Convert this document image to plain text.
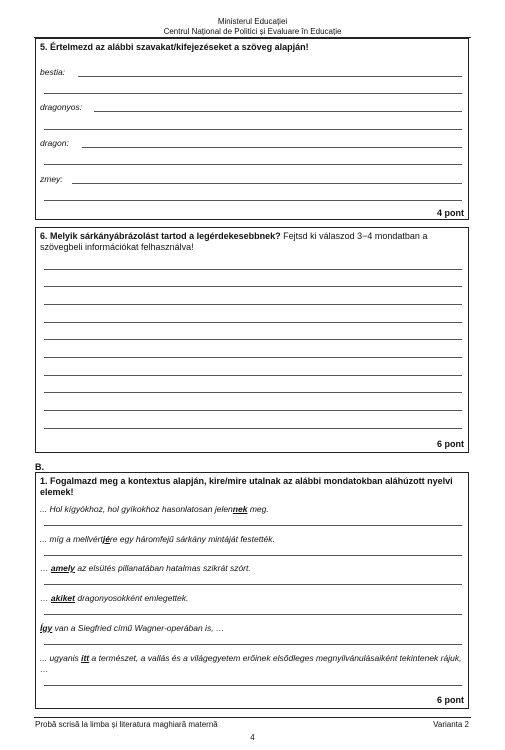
Ministerul Educației
Centrul Național de Politici și Evaluare în Educație
5. Értelmezd az alábbi szavakat/kifejezéseket a szöveg alapján!
bestia:
dragonyos:
dragon:
zmey:
4 pont
6. Melyik sárkányábrázolást tartod a legérdekesebbnek? Fejtsd ki válaszod 3−4 mondatban a szövegbeli információkat felhasználva!
6 pont
B.
1. Fogalmazd meg a kontextus alapján, kire/mire utalnak az alábbi mondatokban aláhúzott nyelvi elemek!
... Hol kígyókhoz, hol gyíkokhoz hasonlatosan jelennek meg.
... míg a mellvértjére egy háromfejű sárkány mintáját festették.
… amely az elsütés pillanatában hatalmas szikrát szórt.
… akiket dragonyosokként emlegettek.
Így van a Siegfried című Wagner-operában is, …
... ugyanis itt a természet, a vallás és a világegyetem erőinek elsődleges megnyilvánulásaiként tekintenek rájuk, …
6 pont
Probă scrisă la limba și literatura maghiară maternă	Varianta 2
4
